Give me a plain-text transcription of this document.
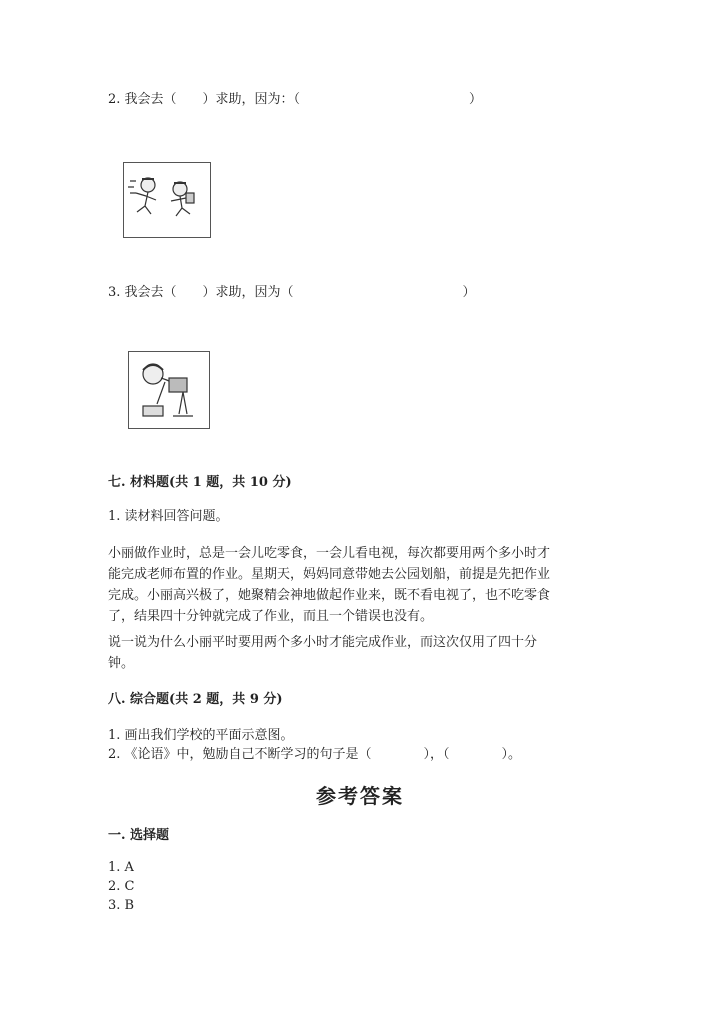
2. 我会去（　　）求助，因为：（　　　　　　　　　　　　　）
3. 我会去（　　）求助，因为（　　　　　　　　　　　　　）
七. 材料题(共 1 题，共 10 分)
1. 读材料回答问题。
小丽做作业时，总是一会儿吃零食，一会儿看电视，每次都要用两个多小时才
能完成老师布置的作业。星期天，妈妈同意带她去公园划船，前提是先把作业
完成。小丽高兴极了，她聚精会神地做起作业来，既不看电视了，也不吃零食
了，结果四十分钟就完成了作业，而且一个错误也没有。
说一说为什么小丽平时要用两个多小时才能完成作业，而这次仅用了四十分
钟。
八. 综合题(共 2 题，共 9 分)
1. 画出我们学校的平面示意图。
2. 《论语》中，勉励自己不断学习的句子是（　　　　），（　　　　）。
参考答案
一. 选择题
1. A
2. C
3. B
